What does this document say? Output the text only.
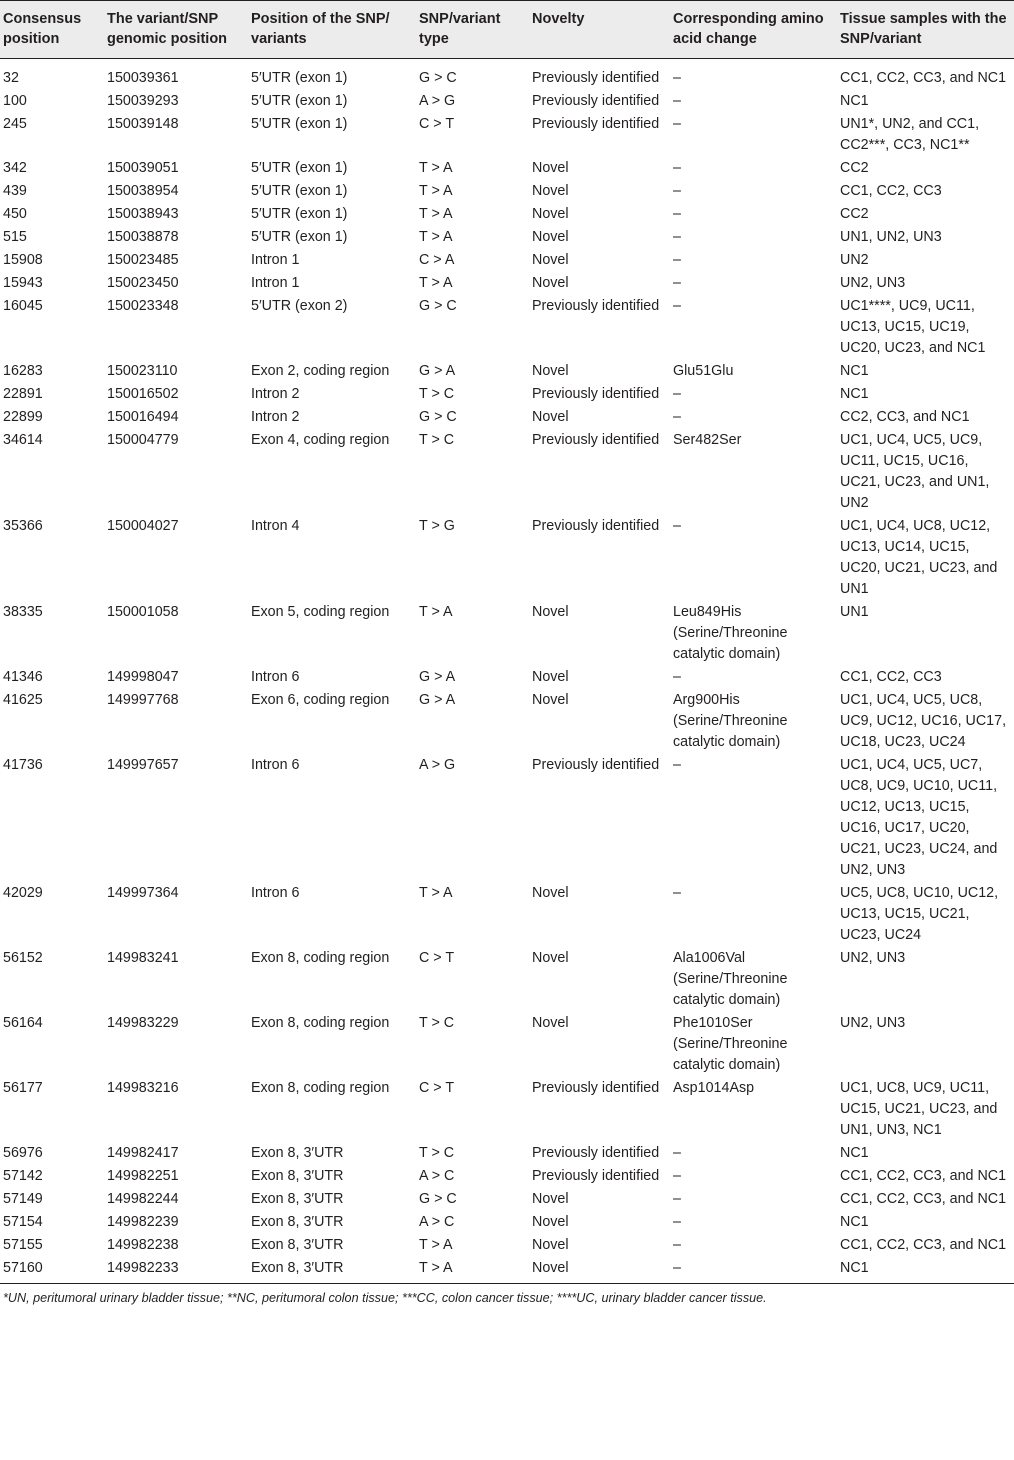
Consensus position	The variant/SNP genomic position	Position of the SNP/ variants	SNP/variant type	Novelty	Corresponding amino acid change	Tissue samples with the SNP/variant
32	150039361	5′UTR (exon 1)	G > C	Previously identified	–	CC1, CC2, CC3, and NC1
100	150039293	5′UTR (exon 1)	A > G	Previously identified	–	NC1
245	150039148	5′UTR (exon 1)	C > T	Previously identified	–	UN1*, UN2, and CC1, CC2***, CC3, NC1**
342	150039051	5′UTR (exon 1)	T > A	Novel	–	CC2
439	150038954	5′UTR (exon 1)	T > A	Novel	–	CC1, CC2, CC3
450	150038943	5′UTR (exon 1)	T > A	Novel	–	CC2
515	150038878	5′UTR (exon 1)	T > A	Novel	–	UN1, UN2, UN3
15908	150023485	Intron 1	C > A	Novel	–	UN2
15943	150023450	Intron 1	T > A	Novel	–	UN2, UN3
16045	150023348	5′UTR (exon 2)	G > C	Previously identified	–	UC1****, UC9, UC11, UC13, UC15, UC19, UC20, UC23, and NC1
16283	150023110	Exon 2, coding region	G > A	Novel	Glu51Glu	NC1
22891	150016502	Intron 2	T > C	Previously identified	–	NC1
22899	150016494	Intron 2	G > C	Novel	–	CC2, CC3, and NC1
34614	150004779	Exon 4, coding region	T > C	Previously identified	Ser482Ser	UC1, UC4, UC5, UC9, UC11, UC15, UC16, UC21, UC23, and UN1, UN2
35366	150004027	Intron 4	T > G	Previously identified	–	UC1, UC4, UC8, UC12, UC13, UC14, UC15, UC20, UC21, UC23, and UN1
38335	150001058	Exon 5, coding region	T > A	Novel	Leu849His (Serine/Threonine catalytic domain)	UN1
41346	149998047	Intron 6	G > A	Novel	–	CC1, CC2, CC3
41625	149997768	Exon 6, coding region	G > A	Novel	Arg900His (Serine/Threonine catalytic domain)	UC1, UC4, UC5, UC8, UC9, UC12, UC16, UC17, UC18, UC23, UC24
41736	149997657	Intron 6	A > G	Previously identified	–	UC1, UC4, UC5, UC7, UC8, UC9, UC10, UC11, UC12, UC13, UC15, UC16, UC17, UC20, UC21, UC23, UC24, and UN2, UN3
42029	149997364	Intron 6	T > A	Novel	–	UC5, UC8, UC10, UC12, UC13, UC15, UC21, UC23, UC24
56152	149983241	Exon 8, coding region	C > T	Novel	Ala1006Val (Serine/Threonine catalytic domain)	UN2, UN3
56164	149983229	Exon 8, coding region	T > C	Novel	Phe1010Ser (Serine/Threonine catalytic domain)	UN2, UN3
56177	149983216	Exon 8, coding region	C > T	Previously identified	Asp1014Asp	UC1, UC8, UC9, UC11, UC15, UC21, UC23, and UN1, UN3, NC1
56976	149982417	Exon 8, 3′UTR	T > C	Previously identified	–	NC1
57142	149982251	Exon 8, 3′UTR	A > C	Previously identified	–	CC1, CC2, CC3, and NC1
57149	149982244	Exon 8, 3′UTR	G > C	Novel	–	CC1, CC2, CC3, and NC1
57154	149982239	Exon 8, 3′UTR	A > C	Novel	–	NC1
57155	149982238	Exon 8, 3′UTR	T > A	Novel	–	CC1, CC2, CC3, and NC1
57160	149982233	Exon 8, 3′UTR	T > A	Novel	–	NC1
*UN, peritumoral urinary bladder tissue; **NC, peritumoral colon tissue; ***CC, colon cancer tissue; ****UC, urinary bladder cancer tissue.
